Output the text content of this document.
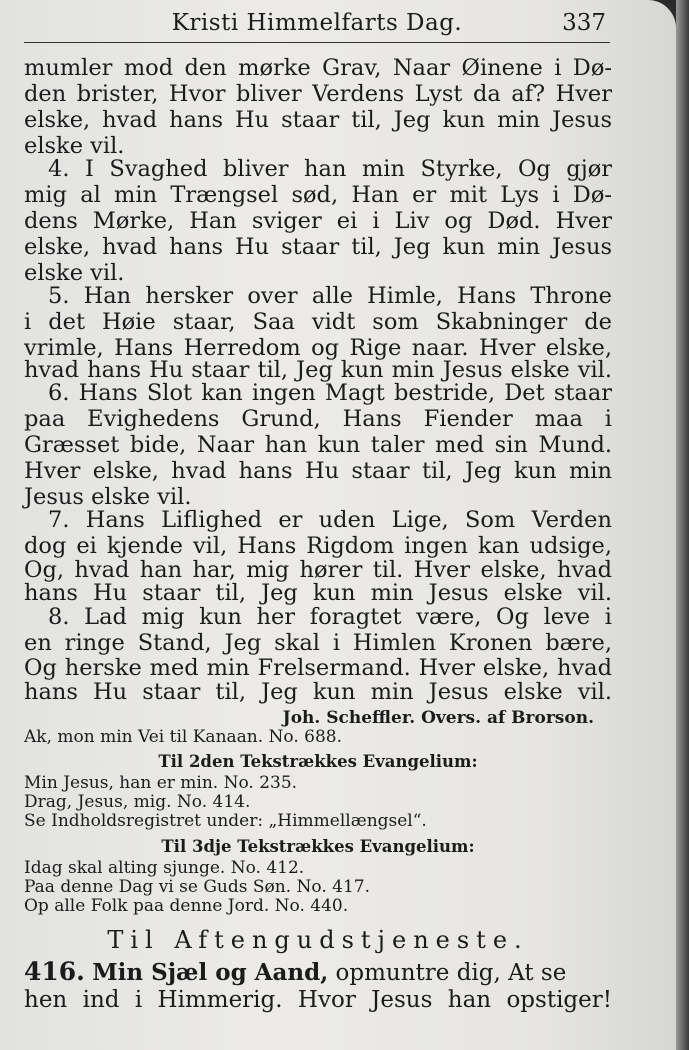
Kristi Himmelfarts Dag.	337
mumler mod den mørke Grav, Naar Øinene i Dø-
den brister, Hvor bliver Verdens Lyst da af? Hver
elske, hvad hans Hu staar til, Jeg kun min Jesus
elske vil.
4. I Svaghed bliver han min Styrke, Og gjør
mig al min Trængsel sød, Han er mit Lys i Dø-
dens Mørke, Han sviger ei i Liv og Død. Hver
elske, hvad hans Hu staar til, Jeg kun min Jesus
elske vil.
5. Han hersker over alle Himle, Hans Throne
i det Høie staar, Saa vidt som Skabninger de
vrimle, Hans Herredom og Rige naar. Hver elske,
hvad hans Hu staar til, Jeg kun min Jesus elske vil.
6. Hans Slot kan ingen Magt bestride, Det staar
paa Evighedens Grund, Hans Fiender maa i
Græsset bide, Naar han kun taler med sin Mund.
Hver elske, hvad hans Hu staar til, Jeg kun min
Jesus elske vil.
7. Hans Liflighed er uden Lige, Som Verden
dog ei kjende vil, Hans Rigdom ingen kan udsige,
Og, hvad han har, mig hører til. Hver elske, hvad
hans Hu staar til, Jeg kun min Jesus elske vil.
8. Lad mig kun her foragtet være, Og leve i
en ringe Stand, Jeg skal i Himlen Kronen bære,
Og herske med min Frelsermand. Hver elske, hvad
hans Hu staar til, Jeg kun min Jesus elske vil.
Joh. Scheffler. Overs. af Brorson.
Ak, mon min Vei til Kanaan. No. 688.
Til 2den Tekstrækkes Evangelium:
Min Jesus, han er min. No. 235.
Drag, Jesus, mig. No. 414.
Se Indholdsregistret under: „Himmellængsel“.
Til 3dje Tekstrækkes Evangelium:
Idag skal alting sjunge. No. 412.
Paa denne Dag vi se Guds Søn. No. 417.
Op alle Folk paa denne Jord. No. 440.
Til Aftengudstjeneste.
416. Min Sjæl og Aand, opmuntre dig, At se
hen ind i Himmerig. Hvor Jesus han opstiger!
